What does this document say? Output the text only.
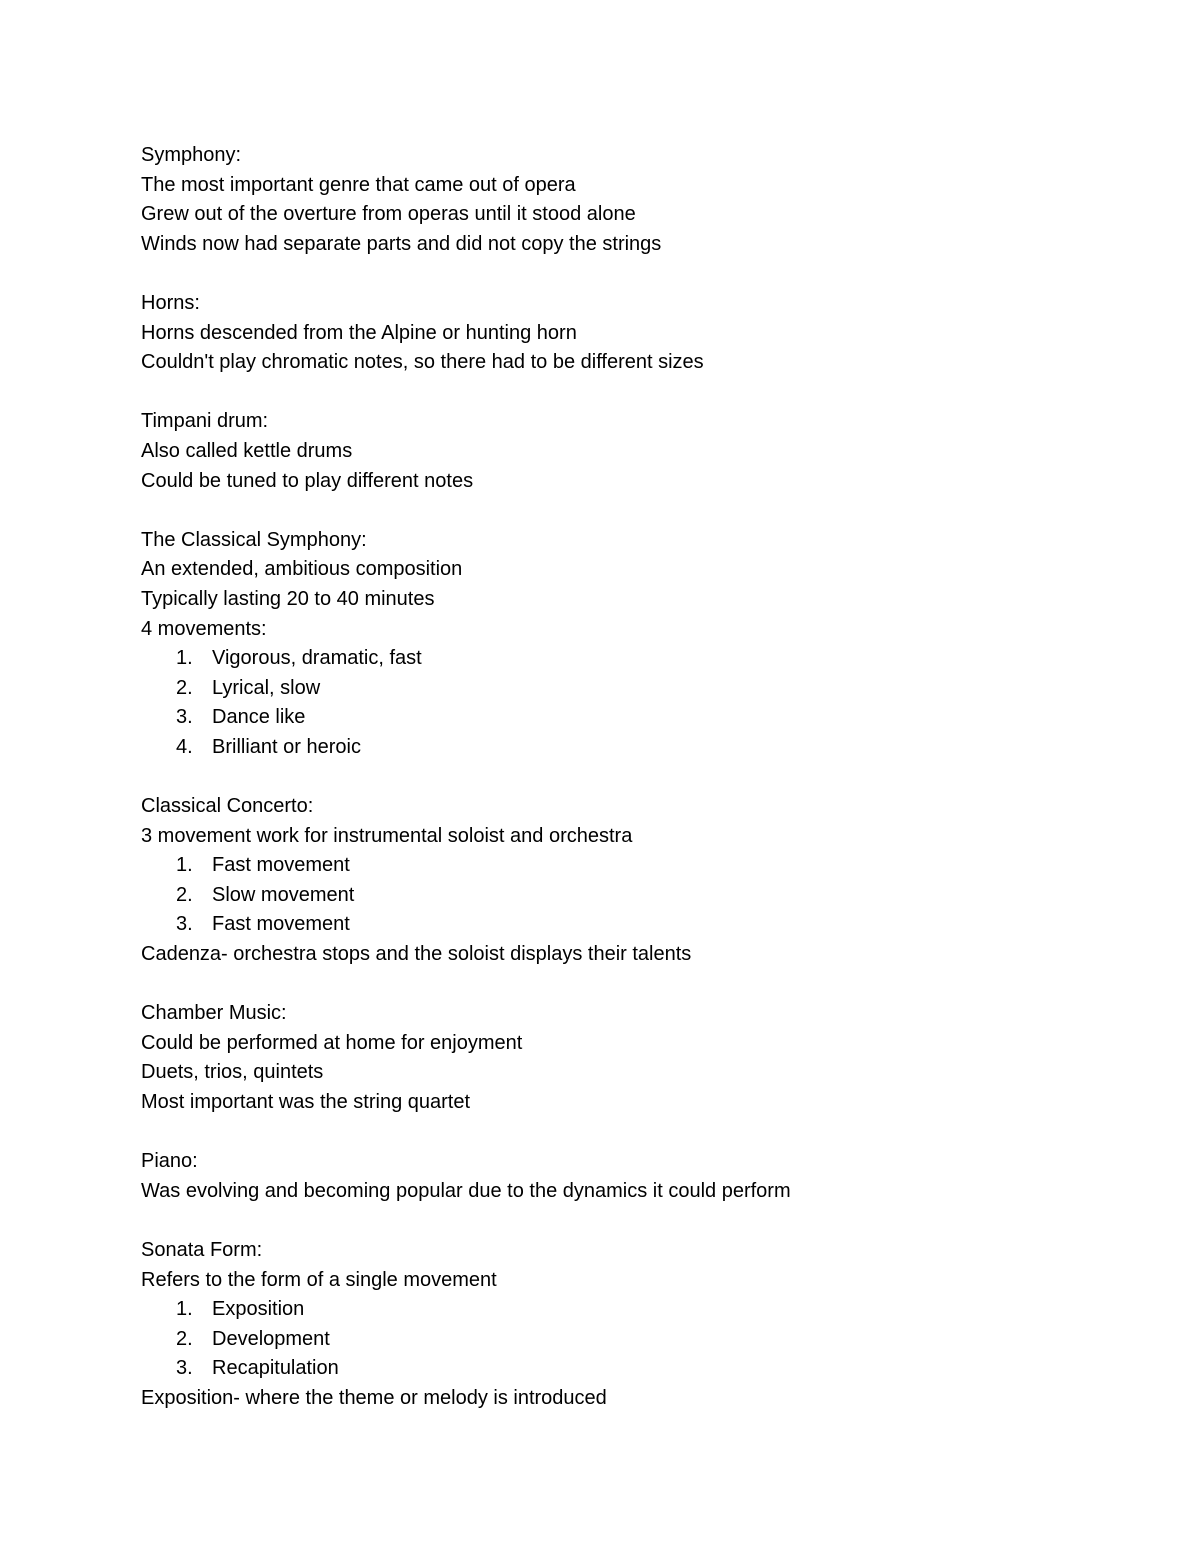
Symphony:
The most important genre that came out of opera
Grew out of the overture from operas until it stood alone
Winds now had separate parts and did not copy the strings
Horns:
Horns descended from the Alpine or hunting horn
Couldn't play chromatic notes, so there had to be different sizes
Timpani drum:
Also called kettle drums
Could be tuned to play different notes
The Classical Symphony:
An extended, ambitious composition
Typically lasting 20 to 40 minutes
4 movements:
1. Vigorous, dramatic, fast
2. Lyrical, slow
3. Dance like
4. Brilliant or heroic
Classical Concerto:
3 movement work for instrumental soloist and orchestra
1. Fast movement
2. Slow movement
3. Fast movement
Cadenza- orchestra stops and the soloist displays their talents
Chamber Music:
Could be performed at home for enjoyment
Duets, trios, quintets
Most important was the string quartet
Piano:
Was evolving and becoming popular due to the dynamics it could perform
Sonata Form:
Refers to the form of a single movement
1. Exposition
2. Development
3. Recapitulation
Exposition- where the theme or melody is introduced
